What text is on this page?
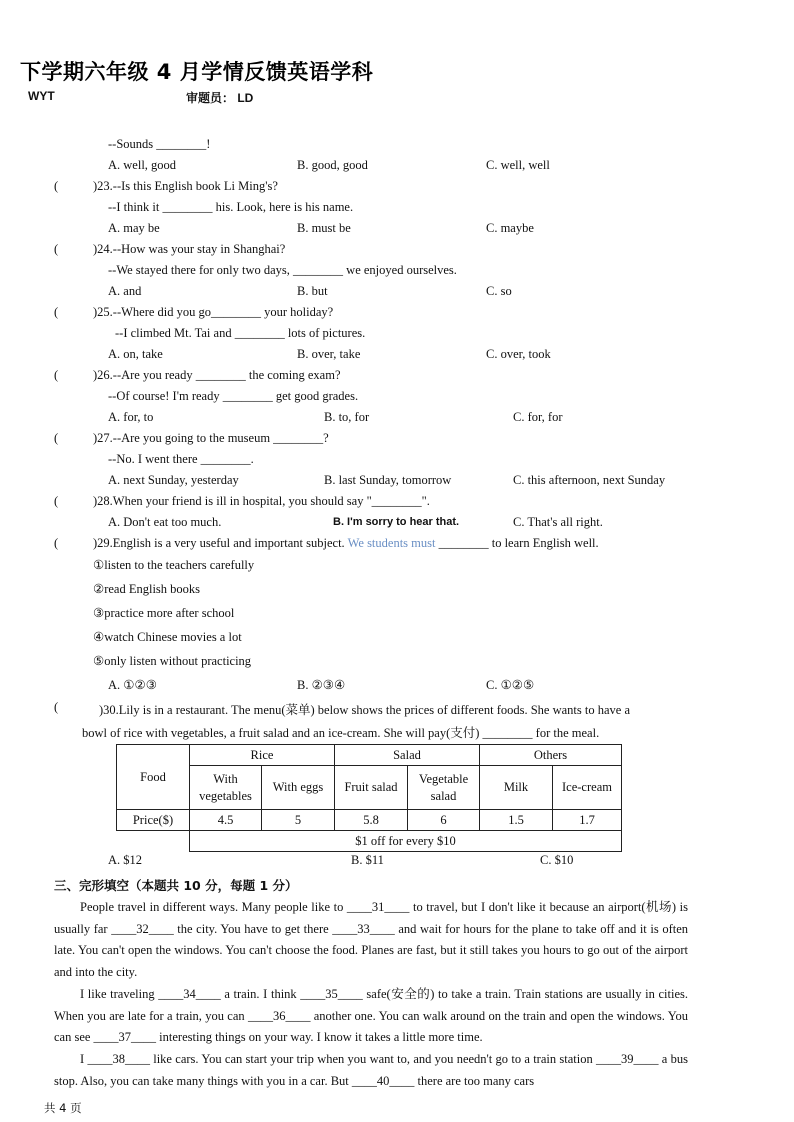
下学期六年级 4 月学情反馈英语学科
WYT	审题员： LD
--Sounds ________!
A. well, good	B. good, good	C. well, well
(	)23.--Is this English book Li Ming's?
--I think it ________ his. Look, here is his name.
A. may be	B. must be	C. maybe
(	)24.--How was your stay in Shanghai?
--We stayed there for only two days, ________ we enjoyed ourselves.
A. and	B. but	C. so
(	)25.--Where did you go________ your holiday?
--I climbed Mt. Tai and ________ lots of pictures.
A. on, take	B. over, take	C. over, took
(	)26.--Are you ready ________ the coming exam?
--Of course! I'm ready ________ get good grades.
A. for, to	B. to, for	C. for, for
(	)27.--Are you going to the museum ________?
--No. I went there ________.
A. next Sunday, yesterday	B. last Sunday, tomorrow	C. this afternoon, next Sunday
(	)28.When your friend is ill in hospital, you should say "________".
A. Don't eat too much.	B. I'm sorry to hear that.	C. That's all right.
(	)29.English is a very useful and important subject. We students must ________ to learn English well.
①listen to the teachers carefully
②read English books
③practice more after school
④watch Chinese movies a lot
⑤only listen without practicing
A. ①②③	B. ②③④	C. ①②⑤
(	)30.Lily is in a restaurant. The menu(菜单) below shows the prices of different foods. She wants to have a
bowl of rice with vegetables, a fruit salad and an ice-cream. She will pay(支付) ________ for the meal.
Food	Rice		Salad		Others	
	With vegetables	With eggs	Fruit salad	Vegetable salad	Milk	Ice-cream
Price($)	4.5	5	5.8	6	1.5	1.7
	$1 off for every $10					
A. $12	B. $11	C. $10
三、完形填空（本题共 10 分，每题 1 分）
People travel in different ways. Many people like to ____31____ to travel, but I don't like it because an airport(机场) is usually far ____32____ the city. You have to get there ____33____ and wait for hours for the plane to take off and it is often late. You can't open the windows. You can't choose the food. Planes are fast, but it still takes you hours to go out of the airport and into the city.
I like traveling ____34____ a train. I think ____35____ safe(安全的) to take a train. Train stations are usually in cities. When you are late for a train, you can ____36____ another one. You can walk around on the train and open the windows. You can see ____37____ interesting things on your way. I know it takes a little more time.
I ____38____ like cars. You can start your trip when you want to, and you needn't go to a train station ____39____ a bus stop. Also, you can take many things with you in a car. But ____40____ there are too many cars
共 4 页
